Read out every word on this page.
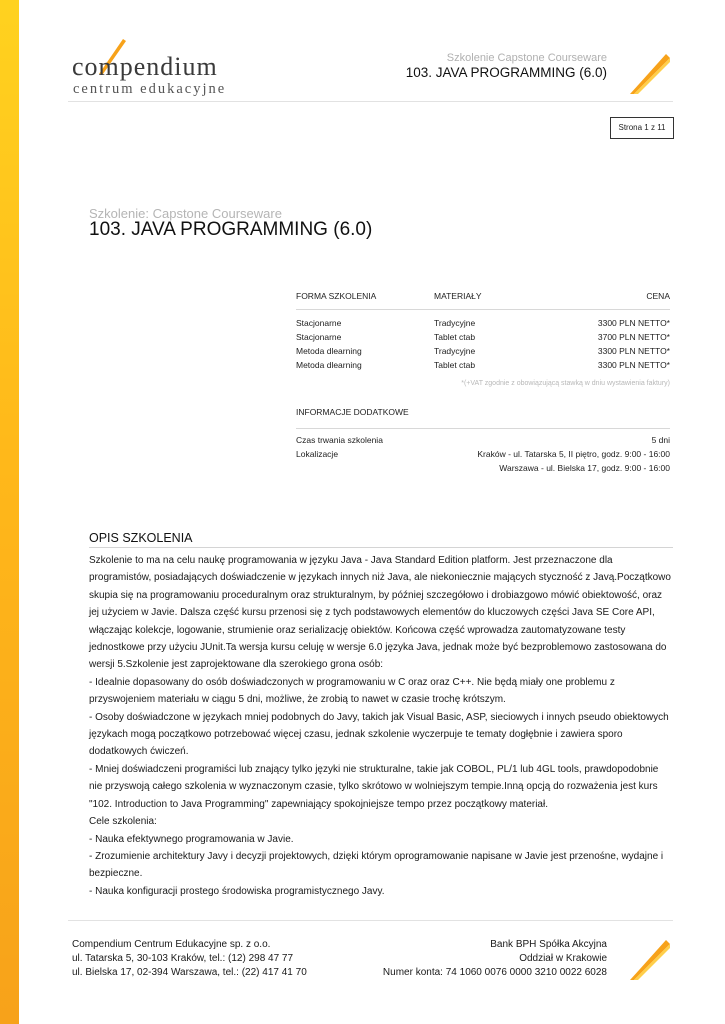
compendium
centrum edukacyjne
Szkolenie Capstone Courseware
103. JAVA PROGRAMMING (6.0)
Strona 1 z 11
Szkolenie: Capstone Courseware
103. JAVA PROGRAMMING (6.0)
FORMA SZKOLENIA	MATERIAŁY	CENA
Stacjonarne	Tradycyjne	3300 PLN NETTO*
Stacjonarne	Tablet ctab	3700 PLN NETTO*
Metoda dlearning	Tradycyjne	3300 PLN NETTO*
Metoda dlearning	Tablet ctab	3300 PLN NETTO*
*(+VAT zgodnie z obowiązującą stawką w dniu wystawienia faktury)
INFORMACJE DODATKOWE
Czas trwania szkolenia	5 dni
Lokalizacje	Kraków - ul. Tatarska 5, II piętro, godz. 9:00 - 16:00
Warszawa - ul. Bielska 17, godz. 9:00 - 16:00
OPIS SZKOLENIA

Szkolenie to ma na celu naukę programowania w języku Java - Java Standard Edition platform. Jest przeznaczone dla programistów, posiadających doświadczenie w językach innych niż Java, ale niekoniecznie mających styczność z Javą.Początkowo skupia się na programowaniu proceduralnym oraz strukturalnym, by później szczegółowo i drobiazgowo mówić obiektowość, oraz jej użyciem w Javie. Dalsza część kursu przenosi się z tych podstawowych elementów do kluczowych części Java SE Core API, włączając kolekcje, logowanie, strumienie oraz serializację obiektów. Końcowa część wprowadza zautomatyzowane testy jednostkowe przy użyciu JUnit.Ta wersja kursu celuję w wersje 6.0 języka Java, jednak może być bezproblemowo zastosowana do wersji 5.Szkolenie jest zaprojektowane dla szerokiego grona osób:

- Idealnie dopasowany do osób doświadczonych w programowaniu w C oraz oraz C++. Nie będą miały one problemu z przyswojeniem materiału w ciągu 5 dni, możliwe, że zrobią to nawet w czasie trochę krótszym.

- Osoby doświadczone w językach mniej podobnych do Javy, takich jak Visual Basic, ASP, sieciowych i innych pseudo obiektowych językach mogą początkowo potrzebować więcej czasu, jednak szkolenie wyczerpuje te tematy dogłębnie i zawiera sporo dodatkowych ćwiczeń.

- Mniej doświadczeni programiści lub znający tylko języki nie strukturalne, takie jak COBOL, PL/1 lub 4GL tools, prawdopodobnie nie przyswoją całego szkolenia w wyznaczonym czasie, tylko skrótowo w wolniejszym tempie.Inną opcją do rozważenia jest kurs "102. Introduction to Java Programming" zapewniający spokojniejsze tempo przez początkowy materiał.

Cele szkolenia:

- Nauka efektywnego programowania w Javie.

- Zrozumienie architektury Javy i decyzji projektowych, dzięki którym oprogramowanie napisane w Javie jest przenośne, wydajne i bezpieczne.

- Nauka konfiguracji prostego środowiska programistycznego Javy.

Compendium Centrum Edukacyjne sp. z o.o.
ul. Tatarska 5, 30-103 Kraków, tel.: (12) 298 47 77
ul. Bielska 17, 02-394 Warszawa, tel.: (22) 417 41 70
Bank BPH Spółka Akcyjna
Oddział w Krakowie
Numer konta: 74 1060 0076 0000 3210 0022 6028
